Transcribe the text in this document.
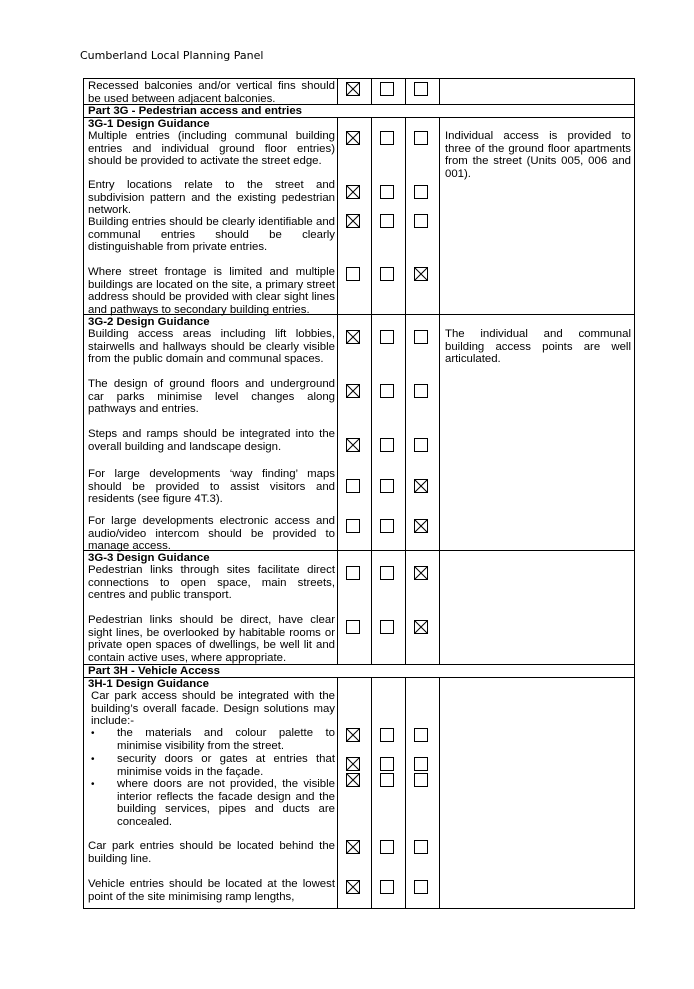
Cumberland Local Planning Panel
Recessed balconies and/or vertical fins should be used between adjacent balconies.
Part 3G - Pedestrian access and entries
3G-1 Design Guidance
Multiple entries (including communal building entries and individual ground floor entries) should be provided to activate the street edge.
Entry locations relate to the street and subdivision pattern and the existing pedestrian network.
Building entries should be clearly identifiable and communal entries should be clearly distinguishable from private entries.
Where street frontage is limited and multiple buildings are located on the site, a primary street address should be provided with clear sight lines and pathways to secondary building entries.
Individual access is provided to three of the ground floor apartments from the street (Units 005, 006 and 001).
3G-2 Design Guidance
Building access areas including lift lobbies, stairwells and hallways should be clearly visible from the public domain and communal spaces.
The design of ground floors and underground car parks minimise level changes along pathways and entries.
Steps and ramps should be integrated into the overall building and landscape design.
For large developments ‘way finding’ maps should be provided to assist visitors and residents (see figure 4T.3).
For large developments electronic access and audio/video intercom should be provided to manage access.
The individual and communal building access points are well articulated.
3G-3 Design Guidance
Pedestrian links through sites facilitate direct connections to open space, main streets, centres and public transport.
Pedestrian links should be direct, have clear sight lines, be overlooked by habitable rooms or private open spaces of dwellings, be well lit and contain active uses, where appropriate.
Part 3H - Vehicle Access
3H-1 Design Guidance
Car park access should be integrated with the building’s overall facade. Design solutions may include:-
• the materials and colour palette to minimise visibility from the street.
• security doors or gates at entries that minimise voids in the façade.
• where doors are not provided, the visible interior reflects the facade design and the building services, pipes and ducts are concealed.
Car park entries should be located behind the building line.
Vehicle entries should be located at the lowest point of the site minimising ramp lengths,
